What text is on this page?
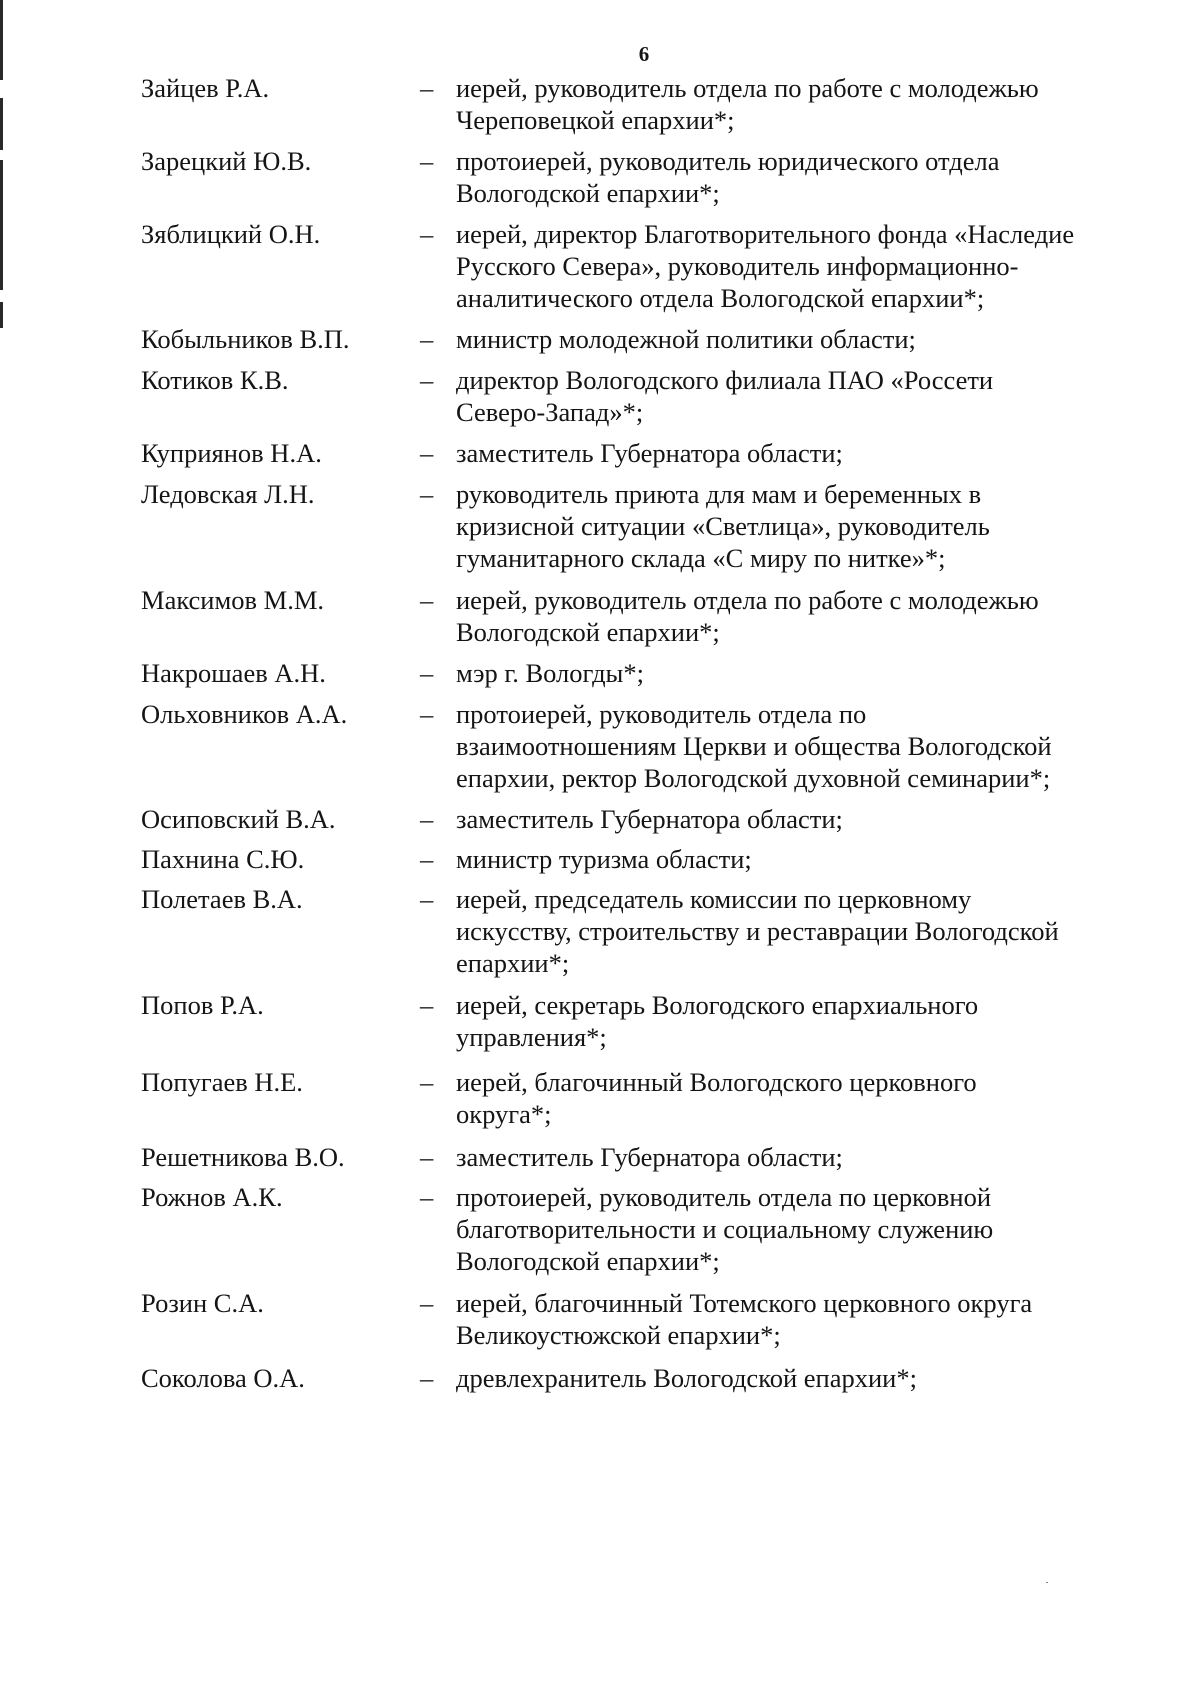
6
Зайцев Р.А.	– иерей, руководитель отдела по работе с молодежью
Череповецкой епархии*;
Зарецкий Ю.В.	– протоиерей, руководитель юридического отдела
Вологодской епархии*;
Зяблицкий О.Н.	– иерей, директор Благотворительного фонда «Наследие
Русского Севера», руководитель информационно-
аналитического отдела Вологодской епархии*;
Кобыльников В.П.	– министр молодежной политики области;
Котиков К.В.	– директор Вологодского филиала ПАО «Россети
Северо-Запад»*;
Куприянов Н.А.	– заместитель Губернатора области;
Ледовская Л.Н.	– руководитель приюта для мам и беременных в
кризисной ситуации «Светлица», руководитель
гуманитарного склада «С миру по нитке»*;
Максимов М.М.	– иерей, руководитель отдела по работе с молодежью
Вологодской епархии*;
Накрошаев А.Н.	– мэр г. Вологды*;
Ольховников А.А.	– протоиерей, руководитель отдела по
взаимоотношениям Церкви и общества Вологодской
епархии, ректор Вологодской духовной семинарии*;
Осиповский В.А.	– заместитель Губернатора области;
Пахнина С.Ю.	– министр туризма области;
Полетаев В.А.	– иерей, председатель комиссии по церковному
искусству, строительству и реставрации Вологодской
епархии*;
Попов Р.А.	– иерей, секретарь Вологодского епархиального
управления*;
Попугаев Н.Е.	– иерей, благочинный Вологодского церковного
округа*;
Решетникова В.О.	– заместитель Губернатора области;
Рожнов А.К.	– протоиерей, руководитель отдела по церковной
благотворительности и социальному служению
Вологодской епархии*;
Розин С.А.	– иерей, благочинный Тотемского церковного округа
Великоустюжской епархии*;
Соколова О.А.	– древлехранитель Вологодской епархии*;
